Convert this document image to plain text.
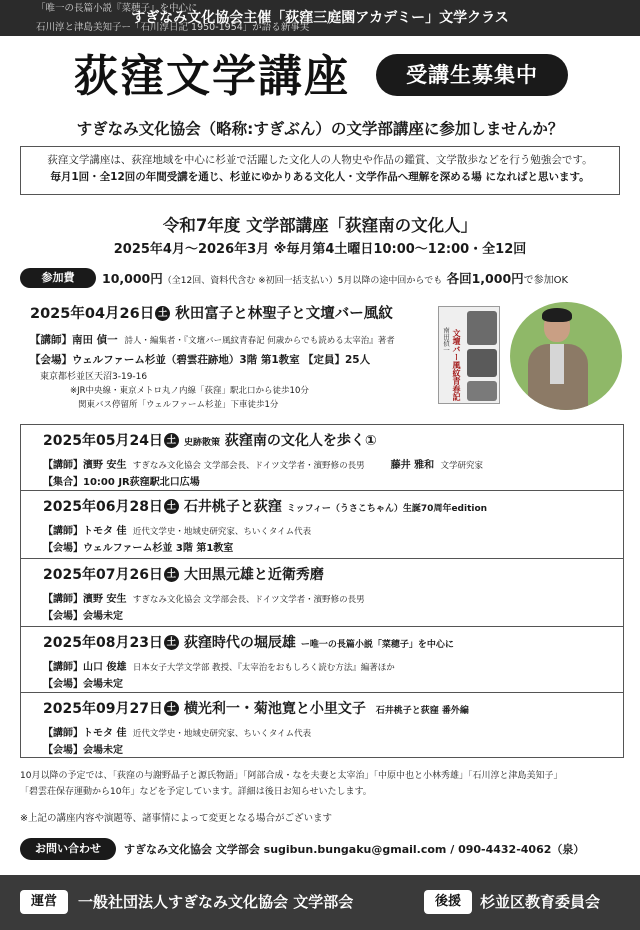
「唯一の長篇小説『菜穂子』を中心に
石川淳と津島美知子ー「石川淳日記 1950-1954」が語る新事実
すぎなみ文化協会主催「荻窪三庭園アカデミー」文学クラス
荻窪文学講座	受講生募集中
すぎなみ文化協会（略称:すぎぶん）の文学部講座に参加しませんか？
荻窪文学講座は、荻窪地域を中心に杉並で活躍した文化人の人物史や作品の鑑賞、文学散歩などを行う勉強会です。
毎月1回・全12回の年間受講を通じ、杉並にゆかりある文化人・文学作品へ理解を深める場 になればと思います。
令和7年度 文学部講座「荻窪南の文化人」
2025年4月〜2026年3月 ※毎月第4土曜日10:00〜12:00・全12回
参加費 10,000円（全12回、資料代含む ※初回一括支払い）5月以降の途中回からでも 各回1,000円で参加OK
2025年04月26日 土 秋田富子と林聖子と文壇バー風紋
【講師】南田 偵一 詩人・編集者・『文壇バー風紋青春記 何歳からでも読める太宰治』著者
【会場】ウェルファーム杉並（碧雲荘跡地）3階 第1教室 【定員】25人
東京都杉並区天沼3-19-16
※JR中央線・東京メトロ丸ノ内線「荻窪」駅北口から徒歩10分
関東バス停留所「ウェルファーム杉並」下車徒歩1分
南田偵一 文壇バー風紋青春記
2025年05月24日 土 史跡散策 荻窪南の文化人を歩く①
【講師】濱野 安生 すぎなみ文化協会 文学部会長、ドイツ文学者・濱野修の長男	藤井 雅和 文学研究家
【集合】10:00 JR荻窪駅北口広場
2025年06月28日 土 石井桃子と荻窪 ミッフィー（うさこちゃん）生誕70周年edition
【講師】トモタ 佳 近代文学史・地域史研究家、ちいくタイム代表
【会場】ウェルファーム杉並 3階 第1教室
2025年07月26日 土 大田黒元雄と近衛秀磨
【講師】濱野 安生 すぎなみ文化協会 文学部会長、ドイツ文学者・濱野修の長男
【会場】会場未定
2025年08月23日 土 荻窪時代の堀辰雄 ー唯一の長篇小説「菜穂子」を中心に
【講師】山口 俊雄 日本女子大学文学部 教授、『太宰治をおもしろく読む方法』編著ほか
【会場】会場未定
2025年09月27日 土 横光利一・菊池寛と小里文子 石井桃子と荻窪 番外編
【講師】トモタ 佳 近代文学史・地域史研究家、ちいくタイム代表
【会場】会場未定
10月以降の予定では、「荻窪の与謝野晶子と源氏物語」「阿部合成・なを夫妻と太宰治」「中原中也と小林秀雄」「石川淳と津島美知子」
「碧雲荘保存運動から10年」などを予定しています。詳細は後日お知らせいたします。
※上記の講座内容や演題等、諸事情によって変更となる場合がございます
お問い合わせ すぎなみ文化協会 文学部会 sugibun.bungaku@gmail.com / 090-4432-4062（泉）
運営	一般社団法人すぎなみ文化協会 文学部会	後援	杉並区教育委員会
